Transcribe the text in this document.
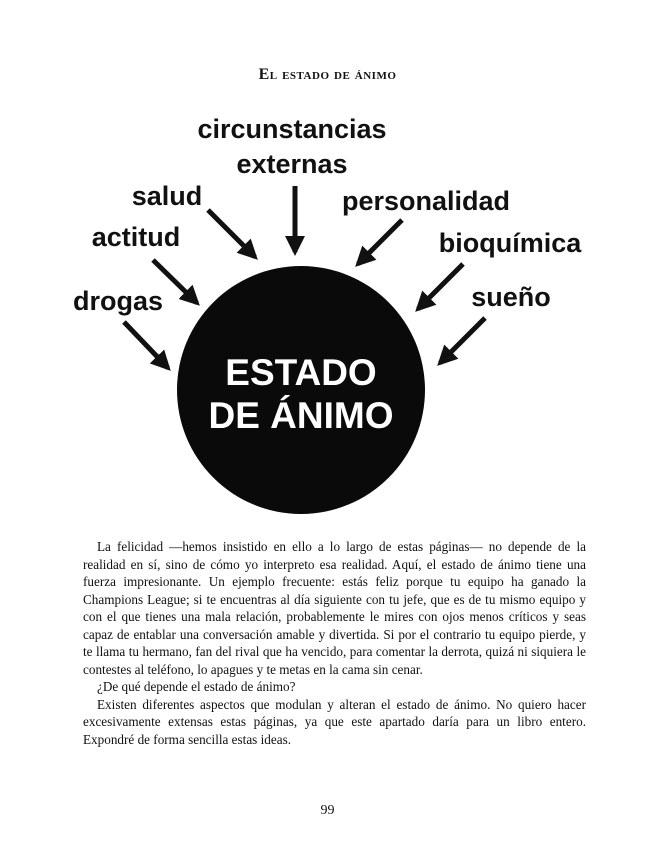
El estado de ánimo
circunstancias
externas
salud	personalidad
actitud	bioquímica
drogas	sueño
ESTADO
DE ÁNIMO

La felicidad —hemos insistido en ello a lo largo de estas páginas— no depende de la realidad en sí, sino de cómo yo interpreto esa realidad. Aquí, el estado de ánimo tiene una fuerza impresionante. Un ejemplo frecuente: estás feliz porque tu equipo ha ganado la Champions League; si te encuentras al día siguiente con tu jefe, que es de tu mismo equipo y con el que tienes una mala relación, probablemente le mires con ojos menos críticos y seas capaz de entablar una conversación amable y divertida. Si por el contrario tu equipo pierde, y te llama tu hermano, fan del rival que ha vencido, para comentar la derrota, quizá ni siquiera le contestes al teléfono, lo apagues y te metas en la cama sin cenar.

¿De qué depende el estado de ánimo?

Existen diferentes aspectos que modulan y alteran el estado de ánimo. No quiero hacer excesivamente extensas estas páginas, ya que este apartado daría para un libro entero. Expondré de forma sencilla estas ideas.

99
